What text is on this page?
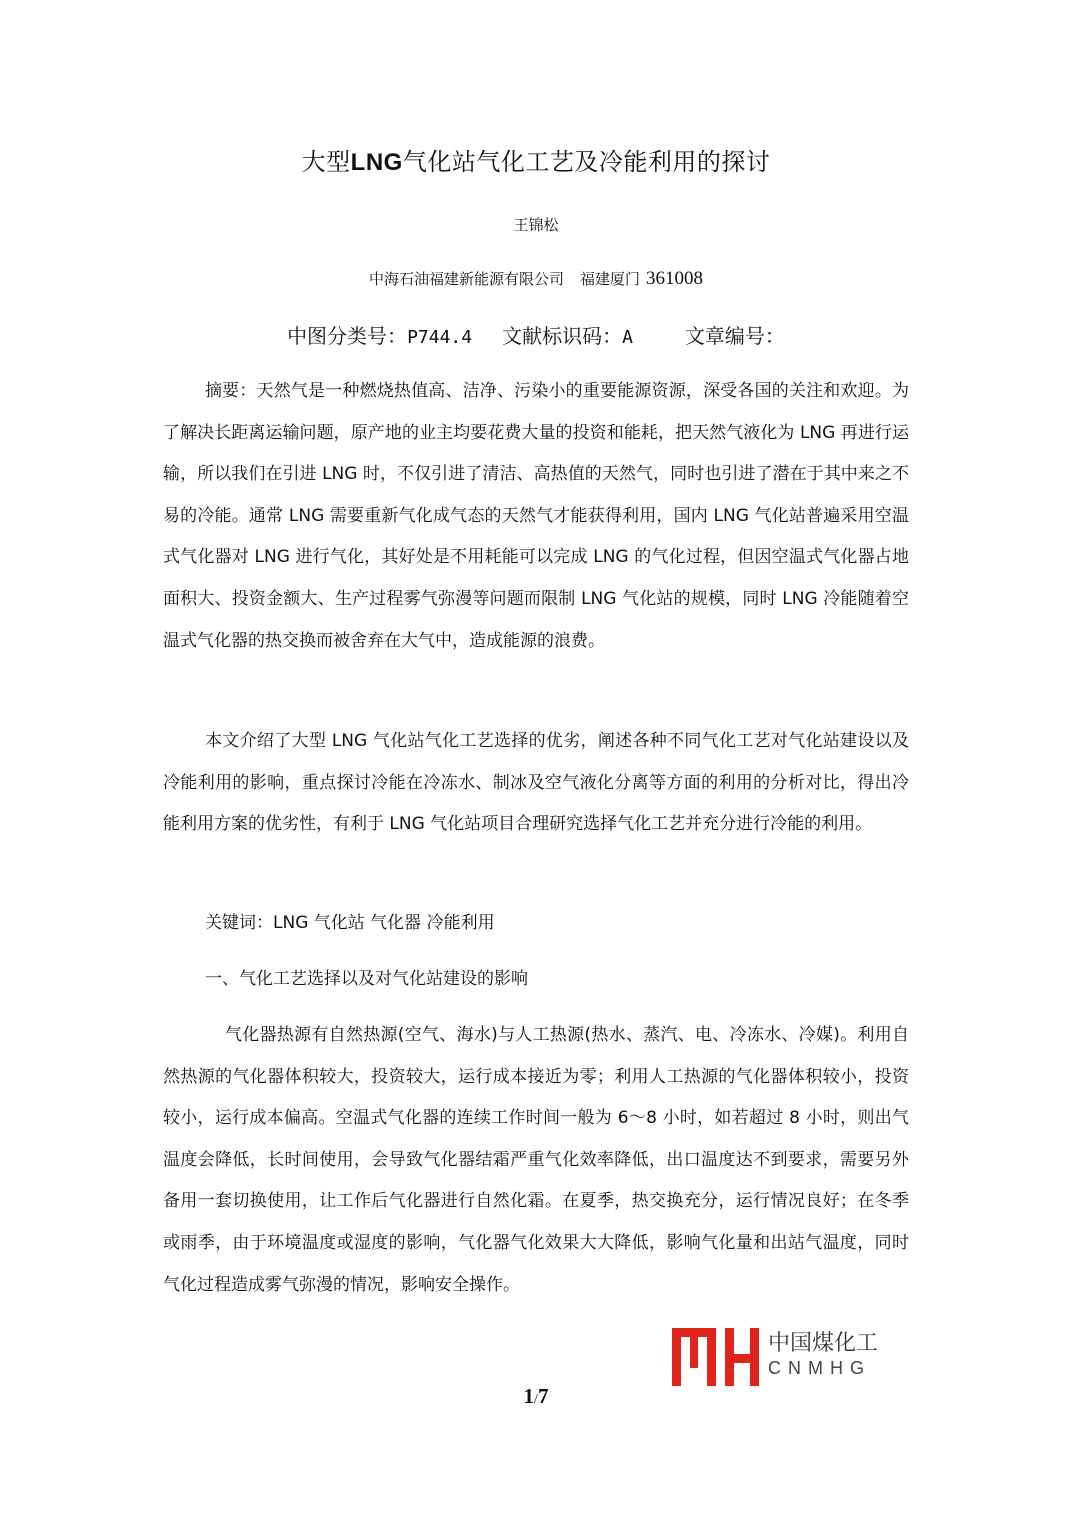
大型LNG气化站气化工艺及冷能利用的探讨
王锦松
中海石油福建新能源有限公司 福建厦门 361008
中图分类号：P744.4 文献标识码：A	文章编号：

摘要：天然气是一种燃烧热值高、洁净、污染小的重要能源资源，深受各国的关注和欢迎。为了解决长距离运输问题，原产地的业主均要花费大量的投资和能耗，把天然气液化为 LNG 再进行运输，所以我们在引进 LNG 时，不仅引进了清洁、高热值的天然气，同时也引进了潜在于其中来之不易的冷能。通常 LNG 需要重新气化成气态的天然气才能获得利用，国内 LNG 气化站普遍采用空温式气化器对 LNG 进行气化，其好处是不用耗能可以完成 LNG 的气化过程，但因空温式气化器占地面积大、投资金额大、生产过程雾气弥漫等问题而限制 LNG 气化站的规模，同时 LNG 冷能随着空温式气化器的热交换而被舍弃在大气中，造成能源的浪费。

本文介绍了大型 LNG 气化站气化工艺选择的优劣，阐述各种不同气化工艺对气化站建设以及冷能利用的影响，重点探讨冷能在冷冻水、制冰及空气液化分离等方面的利用的分析对比，得出冷能利用方案的优劣性，有利于 LNG 气化站项目合理研究选择气化工艺并充分进行冷能的利用。

关键词：LNG 气化站 气化器 冷能利用

一、气化工艺选择以及对气化站建设的影响

气化器热源有自然热源(空气、海水)与人工热源(热水、蒸汽、电、冷冻水、冷媒)。利用自然热源的气化器体积较大，投资较大，运行成本接近为零；利用人工热源的气化器体积较小，投资较小，运行成本偏高。空温式气化器的连续工作时间一般为 6～8 小时，如若超过 8 小时，则出气温度会降低，长时间使用，会导致气化器结霜严重气化效率降低，出口温度达不到要求，需要另外备用一套切换使用，让工作后气化器进行自然化霜。在夏季，热交换充分，运行情况良好；在冬季或雨季，由于环境温度或湿度的影响，气化器气化效果大大降低，影响气化量和出站气温度，同时气化过程造成雾气弥漫的情况，影响安全操作。

中国煤化工
CNMHG
1/7
